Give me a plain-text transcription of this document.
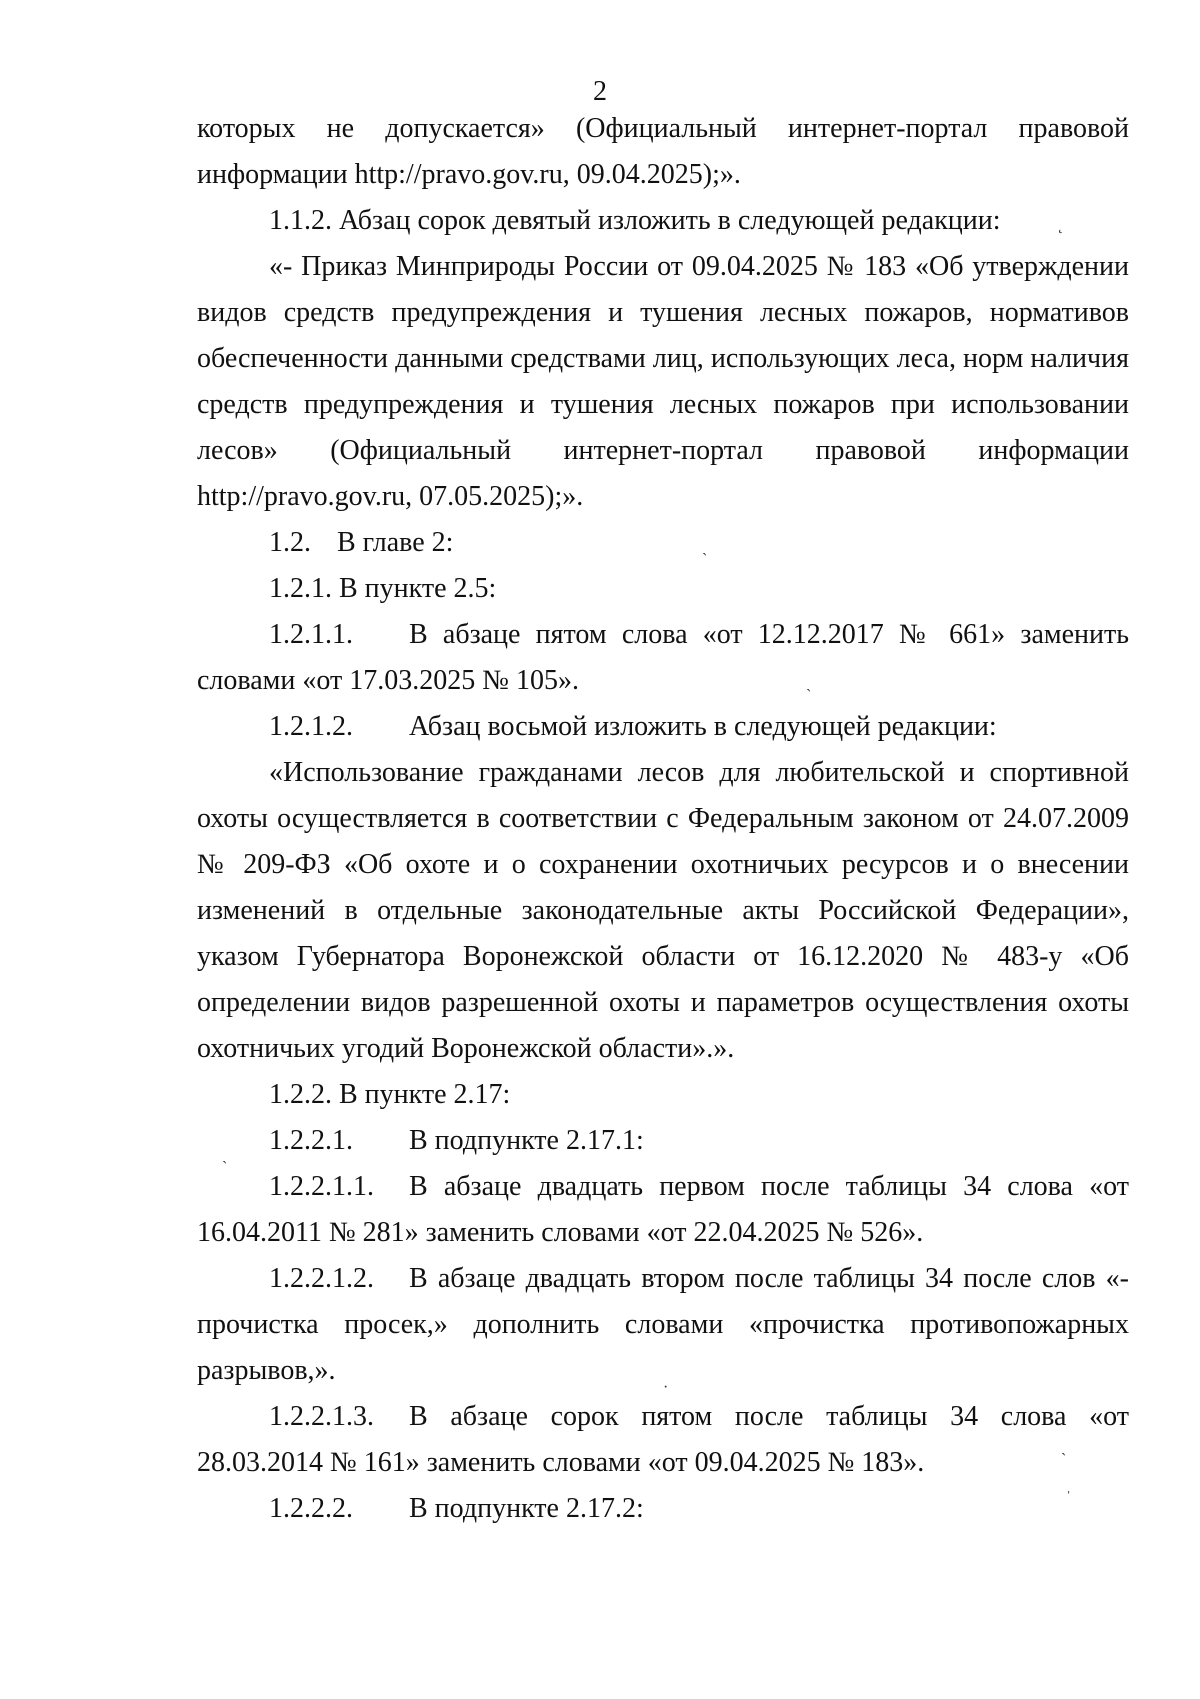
2

которых не допускается» (Официальный интернет-портал правовой информации http://pravo.gov.ru, 09.04.2025);».

1.1.2. Абзац сорок девятый изложить в следующей редакции:

«- Приказ Минприроды России от 09.04.2025 № 183 «Об утверждении видов средств предупреждения и тушения лесных пожаров, нормативов обеспеченности данными средствами лиц, использующих леса, норм наличия средств предупреждения и тушения лесных пожаров при использовании лесов» (Официальный интернет-портал правовой информации http://pravo.gov.ru, 07.05.2025);».

1.2. В главе 2:

1.2.1. В пункте 2.5:

1.2.1.1. В абзаце пятом слова «от 12.12.2017 № 661» заменить словами «от 17.03.2025 № 105».

1.2.1.2. Абзац восьмой изложить в следующей редакции:

«Использование гражданами лесов для любительской и спортивной охоты осуществляется в соответствии с Федеральным законом от 24.07.2009 № 209-ФЗ «Об охоте и о сохранении охотничьих ресурсов и о внесении изменений в отдельные законодательные акты Российской Федерации», указом Губернатора Воронежской области от 16.12.2020 № 483-у «Об определении видов разрешенной охоты и параметров осуществления охоты охотничьих угодий Воронежской области».».

1.2.2. В пункте 2.17:

1.2.2.1. В подпункте 2.17.1:

1.2.2.1.1. В абзаце двадцать первом после таблицы 34 слова «от 16.04.2011 № 281» заменить словами «от 22.04.2025 № 526».

1.2.2.1.2. В абзаце двадцать втором после таблицы 34 после слов «- прочистка просек,» дополнить словами «прочистка противопожарных разрывов,».

1.2.2.1.3. В абзаце сорок пятом после таблицы 34 слова «от 28.03.2014 № 161» заменить словами «от 09.04.2025 № 183».

1.2.2.2. В подпункте 2.17.2:

˛
ˏ
ˏ
ˏ
·
ˋ
ˈ
